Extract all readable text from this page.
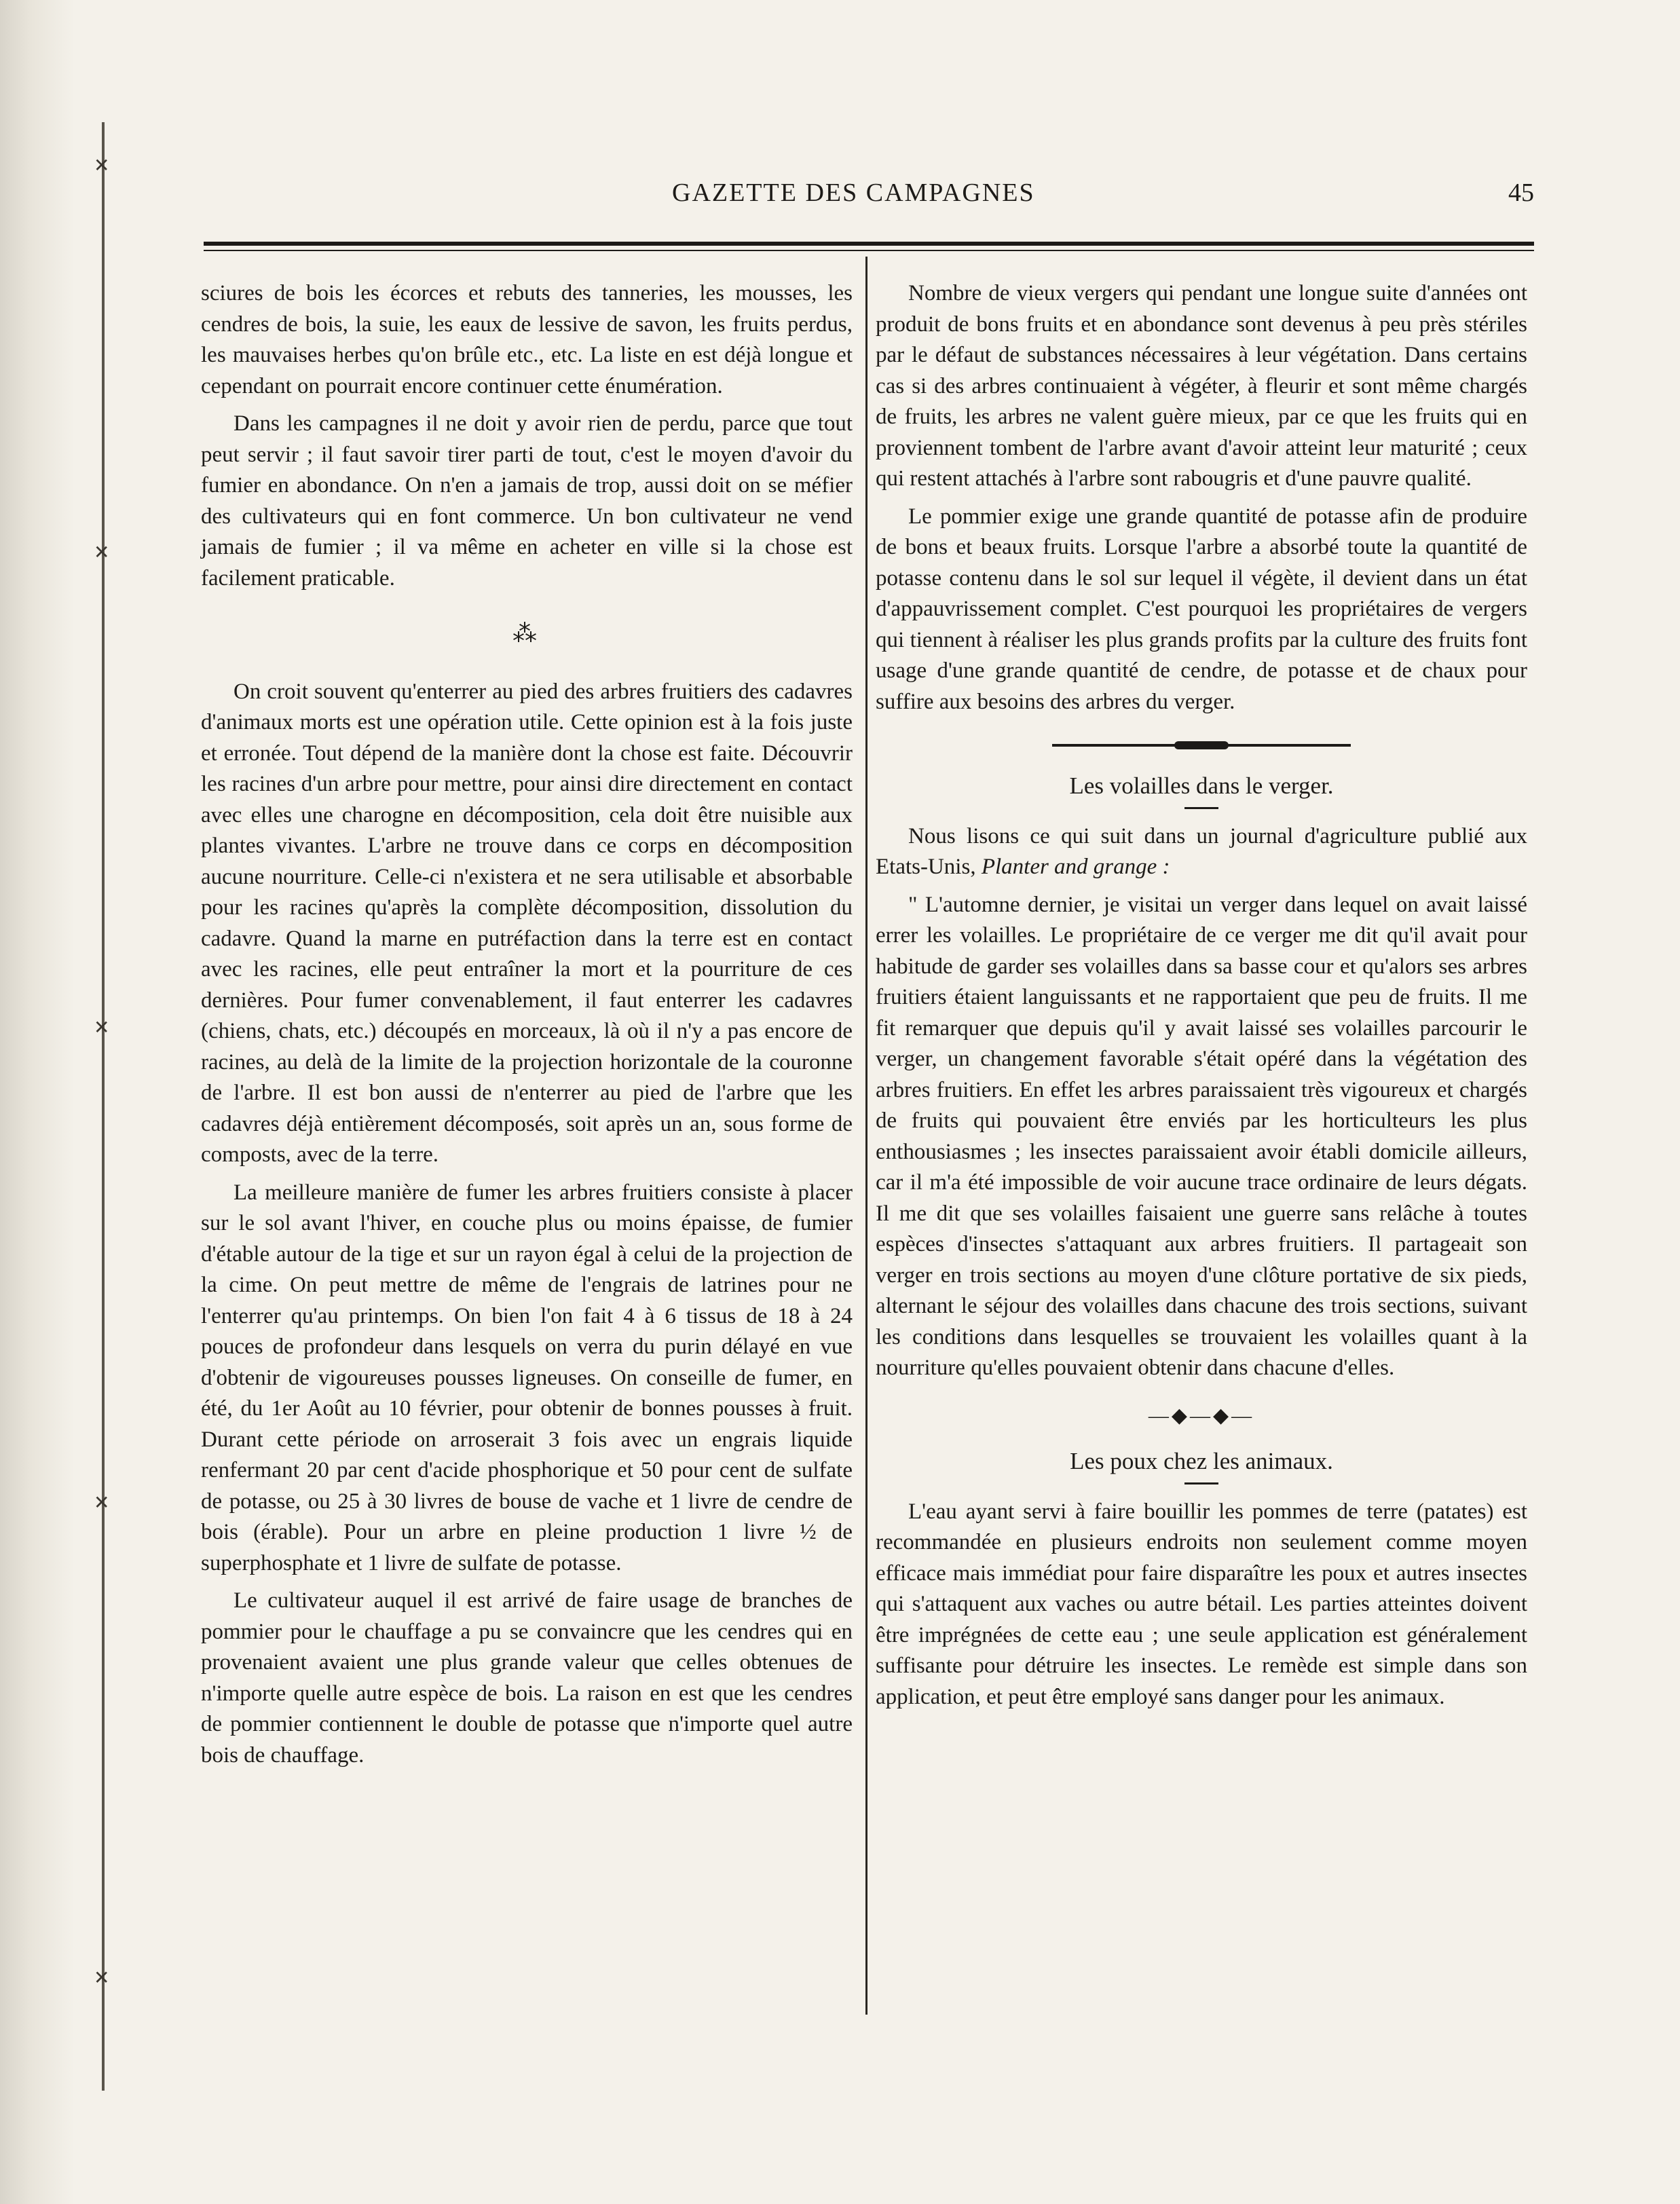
✕
✕
✕
✕
✕
GAZETTE DES CAMPAGNES	45

sciures de bois les écorces et rebuts des tanneries, les mousses, les cendres de bois, la suie, les eaux de lessive de savon, les fruits perdus, les mauvaises herbes qu'on brûle etc., etc. La liste en est déjà longue et cependant on pourrait encore continuer cette énumération.

Dans les campagnes il ne doit y avoir rien de perdu, parce que tout peut servir ; il faut savoir tirer parti de tout, c'est le moyen d'avoir du fumier en abondance. On n'en a jamais de trop, aussi doit on se méfier des cultivateurs qui en font commerce. Un bon cultivateur ne vend jamais de fumier ; il va même en acheter en ville si la chose est facilement praticable.

⁂

On croit souvent qu'enterrer au pied des arbres fruitiers des cadavres d'animaux morts est une opération utile. Cette opinion est à la fois juste et erronée. Tout dépend de la manière dont la chose est faite. Découvrir les racines d'un arbre pour mettre, pour ainsi dire directement en contact avec elles une charogne en décomposition, cela doit être nuisible aux plantes vivantes. L'arbre ne trouve dans ce corps en décomposition aucune nourriture. Celle-ci n'existera et ne sera utilisable et absorbable pour les racines qu'après la complète décomposition, dissolution du cadavre. Quand la marne en putréfaction dans la terre est en contact avec les racines, elle peut entraîner la mort et la pourriture de ces dernières. Pour fumer convenablement, il faut enterrer les cadavres (chiens, chats, etc.) découpés en morceaux, là où il n'y a pas encore de racines, au delà de la limite de la projection horizontale de la couronne de l'arbre. Il est bon aussi de n'enterrer au pied de l'arbre que les cadavres déjà entièrement décomposés, soit après un an, sous forme de composts, avec de la terre.

La meilleure manière de fumer les arbres fruitiers consiste à placer sur le sol avant l'hiver, en couche plus ou moins épaisse, de fumier d'étable autour de la tige et sur un rayon égal à celui de la projection de la cime. On peut mettre de même de l'engrais de latrines pour ne l'enterrer qu'au printemps. On bien l'on fait 4 à 6 tissus de 18 à 24 pouces de profondeur dans lesquels on verra du purin délayé en vue d'obtenir de vigoureuses pousses ligneuses. On conseille de fumer, en été, du 1er Août au 10 février, pour obtenir de bonnes pousses à fruit. Durant cette période on arroserait 3 fois avec un engrais liquide renfermant 20 par cent d'acide phosphorique et 50 pour cent de sulfate de potasse, ou 25 à 30 livres de bouse de vache et 1 livre de cendre de bois (érable). Pour un arbre en pleine production 1 livre ½ de superphosphate et 1 livre de sulfate de potasse.

Le cultivateur auquel il est arrivé de faire usage de branches de pommier pour le chauffage a pu se convaincre que les cendres qui en provenaient avaient une plus grande valeur que celles obtenues de n'importe quelle autre espèce de bois. La raison en est que les cendres de pommier contiennent le double de potasse que n'importe quel autre bois de chauffage.

Nombre de vieux vergers qui pendant une longue suite d'années ont produit de bons fruits et en abondance sont devenus à peu près stériles par le défaut de substances nécessaires à leur végétation. Dans certains cas si des arbres continuaient à végéter, à fleurir et sont même chargés de fruits, les arbres ne valent guère mieux, par ce que les fruits qui en proviennent tombent de l'arbre avant d'avoir atteint leur maturité ; ceux qui restent attachés à l'arbre sont rabougris et d'une pauvre qualité.

Le pommier exige une grande quantité de potasse afin de produire de bons et beaux fruits. Lorsque l'arbre a absorbé toute la quantité de potasse contenu dans le sol sur lequel il végète, il devient dans un état d'appauvrissement complet. C'est pourquoi les propriétaires de vergers qui tiennent à réaliser les plus grands profits par la culture des fruits font usage d'une grande quantité de cendre, de potasse et de chaux pour suffire aux besoins des arbres du verger.

Les volailles dans le verger.

Nous lisons ce qui suit dans un journal d'agriculture publié aux Etats-Unis, Planter and grange :

" L'automne dernier, je visitai un verger dans lequel on avait laissé errer les volailles. Le propriétaire de ce verger me dit qu'il avait pour habitude de garder ses volailles dans sa basse cour et qu'alors ses arbres fruitiers étaient languissants et ne rapportaient que peu de fruits. Il me fit remarquer que depuis qu'il y avait laissé ses volailles parcourir le verger, un changement favorable s'était opéré dans la végétation des arbres fruitiers. En effet les arbres paraissaient très vigoureux et chargés de fruits qui pouvaient être enviés par les horticulteurs les plus enthousiasmes ; les insectes paraissaient avoir établi domicile ailleurs, car il m'a été impossible de voir aucune trace ordinaire de leurs dégats. Il me dit que ses volailles faisaient une guerre sans relâche à toutes espèces d'insectes s'attaquant aux arbres fruitiers. Il partageait son verger en trois sections au moyen d'une clôture portative de six pieds, alternant le séjour des volailles dans chacune des trois sections, suivant les conditions dans lesquelles se trouvaient les volailles quant à la nourriture qu'elles pouvaient obtenir dans chacune d'elles.

—◆—◆—
Les poux chez les animaux.

L'eau ayant servi à faire bouillir les pommes de terre (patates) est recommandée en plusieurs endroits non seulement comme moyen efficace mais immédiat pour faire disparaître les poux et autres insectes qui s'attaquent aux vaches ou autre bétail. Les parties atteintes doivent être imprégnées de cette eau ; une seule application est généralement suffisante pour détruire les insectes. Le remède est simple dans son application, et peut être employé sans danger pour les animaux.
